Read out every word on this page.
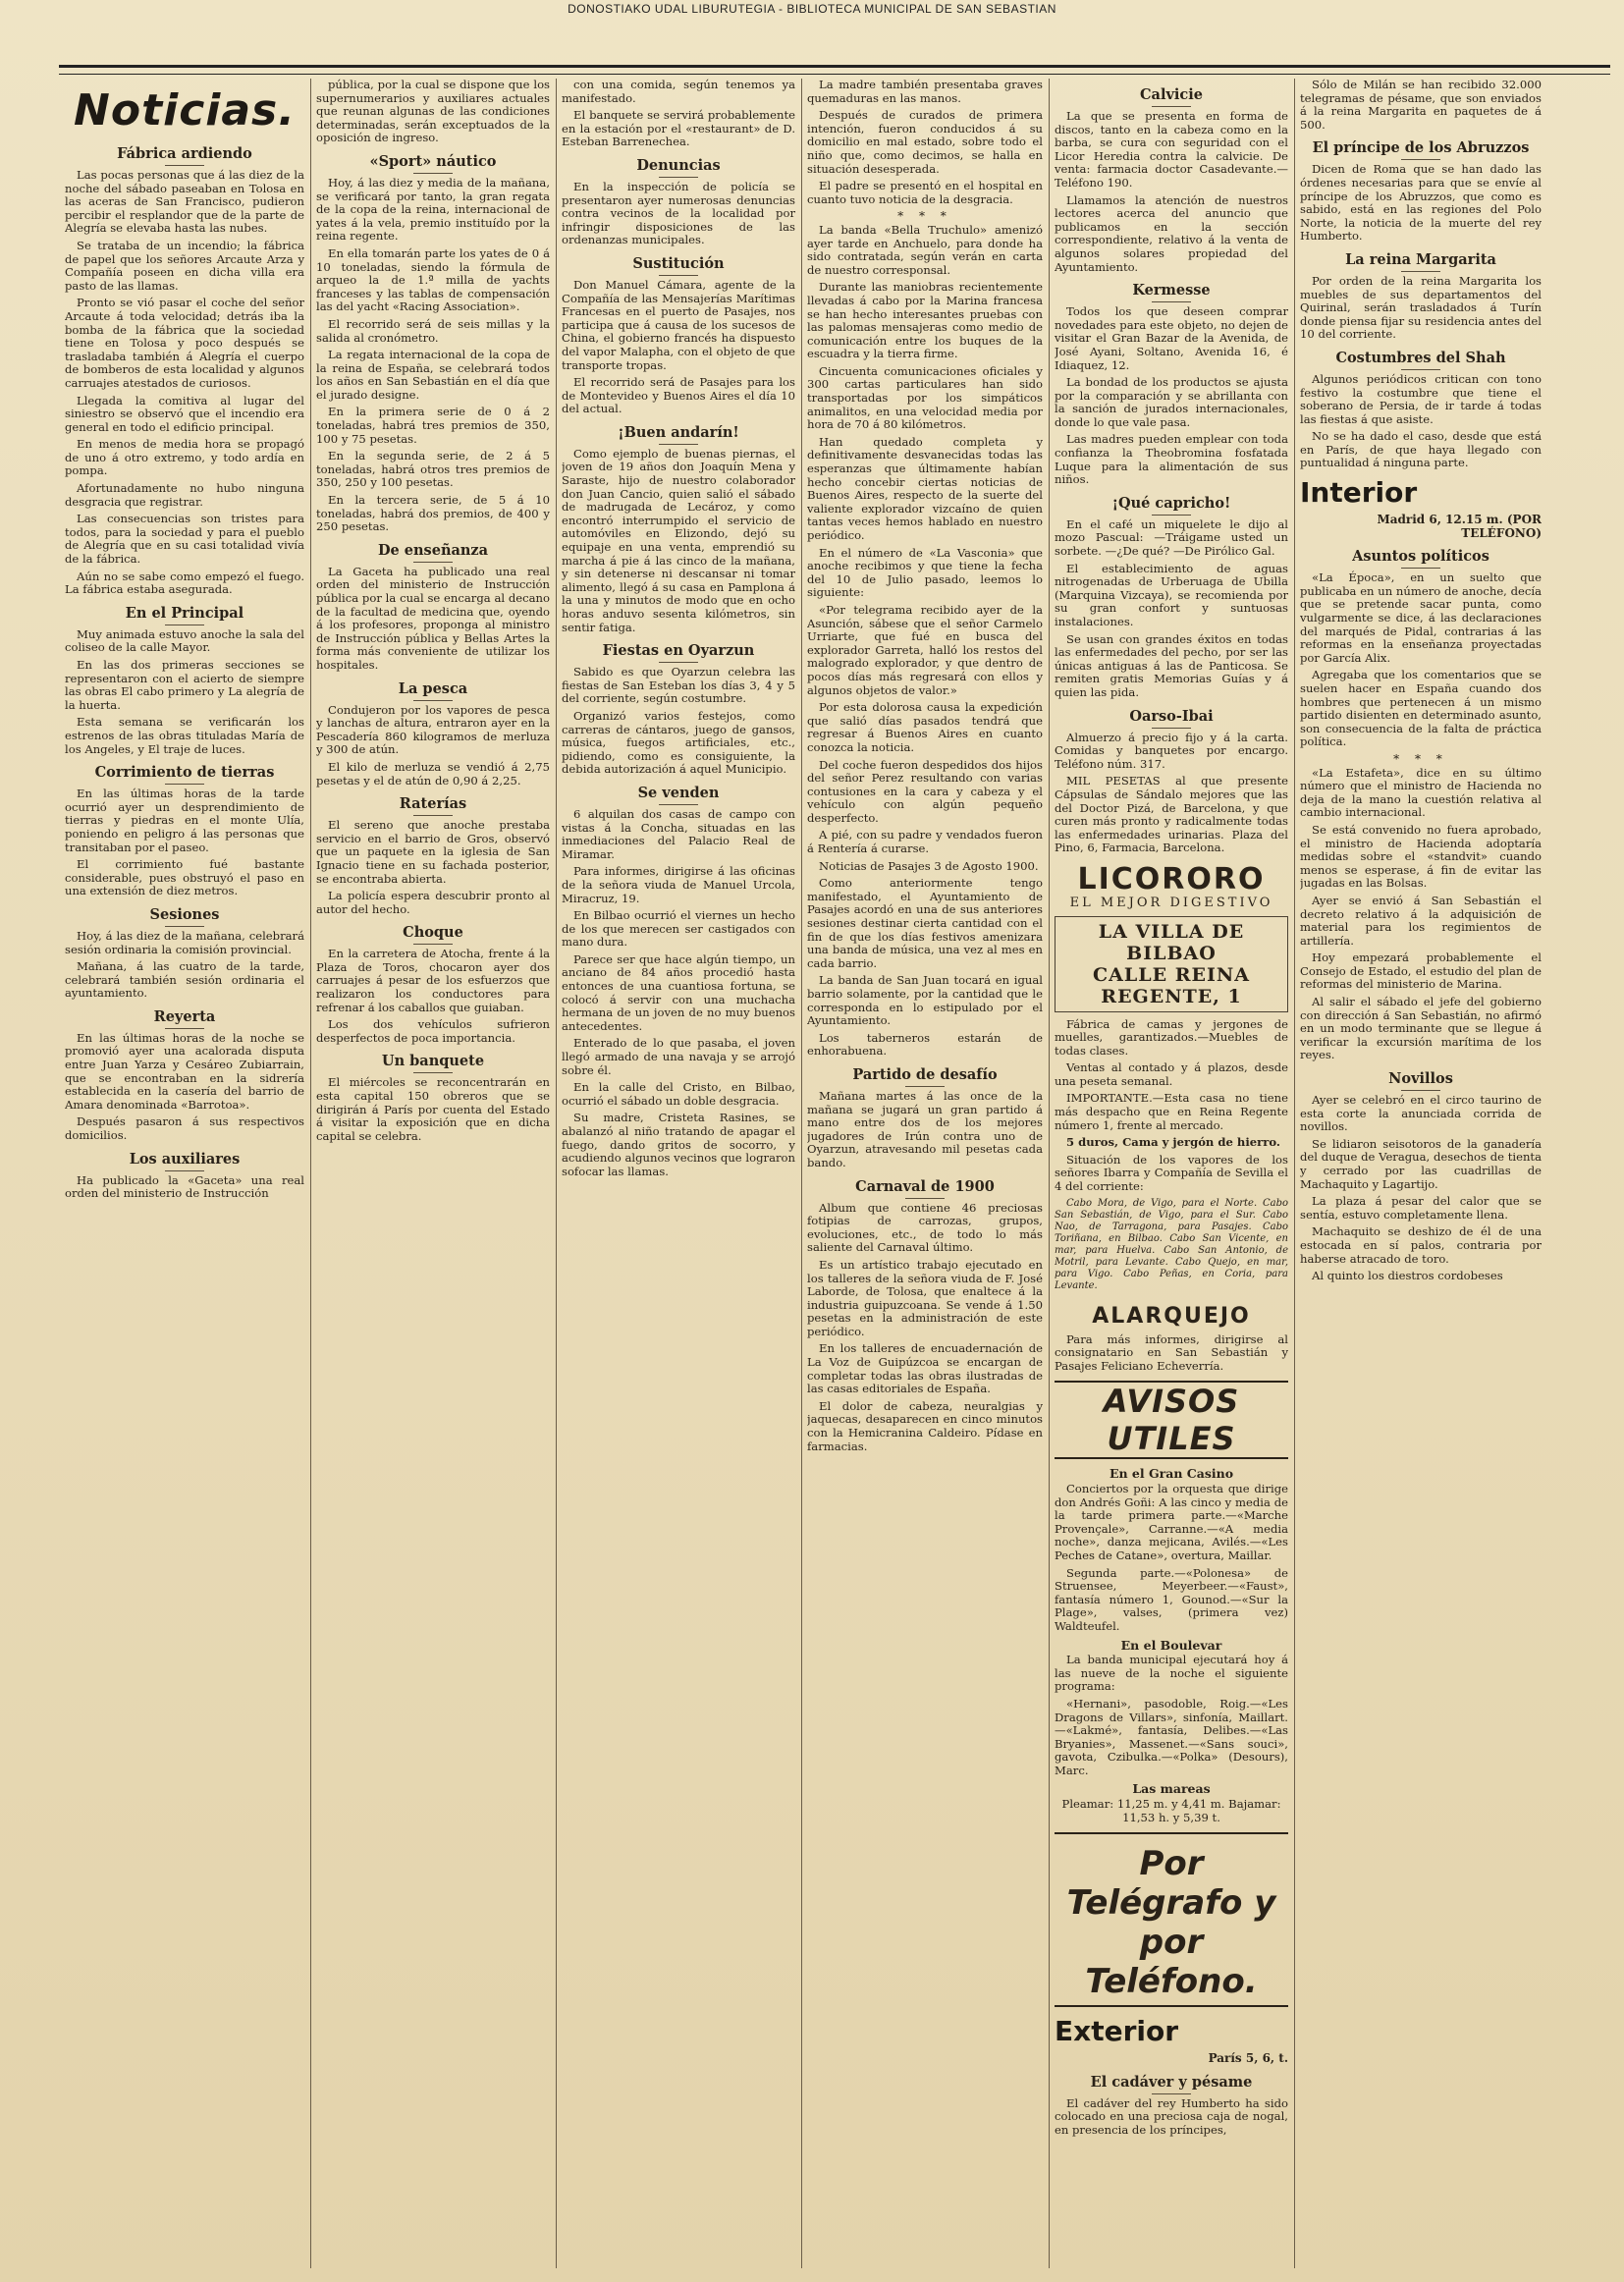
DONOSTIAKO UDAL LIBURUTEGIA - BIBLIOTECA MUNICIPAL DE SAN SEBASTIAN
Noticias.
Fábrica ardiendo

Las pocas personas que á las diez de la noche del sábado paseaban en Tolosa en las aceras de San Francisco, pudieron percibir el resplandor que de la parte de Alegría se elevaba hasta las nubes.

Se trataba de un incendio; la fábrica de papel que los señores Arcaute Arza y Compañía poseen en dicha villa era pasto de las llamas.

Pronto se vió pasar el coche del señor Arcaute á toda velocidad; detrás iba la bomba de la fábrica que la sociedad tiene en Tolosa y poco después se trasladaba también á Alegría el cuerpo de bomberos de esta localidad y algunos carruajes atestados de curiosos.

Llegada la comitiva al lugar del siniestro se observó que el incendio era general en todo el edificio principal.

En menos de media hora se propagó de uno á otro extremo, y todo ardía en pompa.

Afortunadamente no hubo ninguna desgracia que registrar.

Las consecuencias son tristes para todos, para la sociedad y para el pueblo de Alegría que en su casi totalidad vivía de la fábrica.

Aún no se sabe como empezó el fuego. La fábrica estaba asegurada.

En el Principal

Muy animada estuvo anoche la sala del coliseo de la calle Mayor.

En las dos primeras secciones se representaron con el acierto de siempre las obras El cabo primero y La alegría de la huerta.

Esta semana se verificarán los estrenos de las obras tituladas María de los Angeles, y El traje de luces.

Corrimiento de tierras

En las últimas horas de la tarde ocurrió ayer un desprendimiento de tierras y piedras en el monte Ulía, poniendo en peligro á las personas que transitaban por el paseo.

El corrimiento fué bastante considerable, pues obstruyó el paso en una extensión de diez metros.

Sesiones

Hoy, á las diez de la mañana, celebrará sesión ordinaria la comisión provincial.

Mañana, á las cuatro de la tarde, celebrará también sesión ordinaria el ayuntamiento.

Reyerta

En las últimas horas de la noche se promovió ayer una acalorada disputa entre Juan Yarza y Cesáreo Zubiarrain, que se encontraban en la sidrería establecida en la casería del barrio de Amara denominada «Barrotoa».

Después pasaron á sus respectivos domicilios.

Los auxiliares

Ha publicado la «Gaceta» una real orden del ministerio de Instrucción

pública, por la cual se dispone que los supernumerarios y auxiliares actuales que reunan algunas de las condiciones determinadas, serán exceptuados de la oposición de ingreso.

«Sport» náutico

Hoy, á las diez y media de la mañana, se verificará por tanto, la gran regata de la copa de la reina, internacional de yates á la vela, premio instituído por la reina regente.

En ella tomarán parte los yates de 0 á 10 toneladas, siendo la fórmula de arqueo la de 1.ª milla de yachts franceses y las tablas de compensación las del yacht «Racing Association».

El recorrido será de seis millas y la salida al cronómetro.

La regata internacional de la copa de la reina de España, se celebrará todos los años en San Sebastián en el día que el jurado designe.

En la primera serie de 0 á 2 toneladas, habrá tres premios de 350, 100 y 75 pesetas.

En la segunda serie, de 2 á 5 toneladas, habrá otros tres premios de 350, 250 y 100 pesetas.

En la tercera serie, de 5 á 10 toneladas, habrá dos premios, de 400 y 250 pesetas.

De enseñanza

La Gaceta ha publicado una real orden del ministerio de Instrucción pública por la cual se encarga al decano de la facultad de medicina que, oyendo á los profesores, proponga al ministro de Instrucción pública y Bellas Artes la forma más conveniente de utilizar los hospitales.

La pesca

Condujeron por los vapores de pesca y lanchas de altura, entraron ayer en la Pescadería 860 kilogramos de merluza y 300 de atún.

El kilo de merluza se vendió á 2,75 pesetas y el de atún de 0,90 á 2,25.

Raterías

El sereno que anoche prestaba servicio en el barrio de Gros, observó que un paquete en la iglesia de San Ignacio tiene en su fachada posterior, se encontraba abierta.

La policía espera descubrir pronto al autor del hecho.

Choque

En la carretera de Atocha, frente á la Plaza de Toros, chocaron ayer dos carruajes á pesar de los esfuerzos que realizaron los conductores para refrenar á los caballos que guiaban.

Los dos vehículos sufrieron desperfectos de poca importancia.

Un banquete

El miércoles se reconcentrarán en esta capital 150 obreros que se dirigirán á París por cuenta del Estado á visitar la exposición que en dicha capital se celebra.

con una comida, según tenemos ya manifestado.

El banquete se servirá probablemente en la estación por el «restaurant» de D. Esteban Barrenechea.

Denuncias

En la inspección de policía se presentaron ayer numerosas denuncias contra vecinos de la localidad por infringir disposiciones de las ordenanzas municipales.

Sustitución

Don Manuel Cámara, agente de la Compañía de las Mensajerías Marítimas Francesas en el puerto de Pasajes, nos participa que á causa de los sucesos de China, el gobierno francés ha dispuesto del vapor Malapha, con el objeto de que transporte tropas.

El recorrido será de Pasajes para los de Montevideo y Buenos Aires el día 10 del actual.

¡Buen andarín!

Como ejemplo de buenas piernas, el joven de 19 años don Joaquín Mena y Saraste, hijo de nuestro colaborador don Juan Cancio, quien salió el sábado de madrugada de Lecároz, y como encontró interrumpido el servicio de automóviles en Elizondo, dejó su equipaje en una venta, emprendió su marcha á pie á las cinco de la mañana, y sin detenerse ni descansar ni tomar alimento, llegó á su casa en Pamplona á la una y minutos de modo que en ocho horas anduvo sesenta kilómetros, sin sentir fatiga.

Fiestas en Oyarzun

Sabido es que Oyarzun celebra las fiestas de San Esteban los días 3, 4 y 5 del corriente, según costumbre.

Organizó varios festejos, como carreras de cántaros, juego de gansos, música, fuegos artificiales, etc., pidiendo, como es consiguiente, la debida autorización á aquel Municipio.

Se venden

6 alquilan dos casas de campo con vistas á la Concha, situadas en las inmediaciones del Palacio Real de Miramar.

Para informes, dirigirse á las oficinas de la señora viuda de Manuel Urcola, Miracruz, 19.

En Bilbao ocurrió el viernes un hecho de los que merecen ser castigados con mano dura.

Parece ser que hace algún tiempo, un anciano de 84 años procedió hasta entonces de una cuantiosa fortuna, se colocó á servir con una muchacha hermana de un joven de no muy buenos antecedentes.

Enterado de lo que pasaba, el joven llegó armado de una navaja y se arrojó sobre él.

En la calle del Cristo, en Bilbao, ocurrió el sábado un doble desgracia.

Su madre, Cristeta Rasines, se abalanzó al niño tratando de apagar el fuego, dando gritos de socorro, y acudiendo algunos vecinos que lograron sofocar las llamas.

La madre también presentaba graves quemaduras en las manos.

Después de curados de primera intención, fueron conducidos á su domicilio en mal estado, sobre todo el niño que, como decimos, se halla en situación desesperada.

El padre se presentó en el hospital en cuanto tuvo noticia de la desgracia.

* * *

La banda «Bella Truchulo» amenizó ayer tarde en Anchuelo, para donde ha sido contratada, según verán en carta de nuestro corresponsal.

Durante las maniobras recientemente llevadas á cabo por la Marina francesa se han hecho interesantes pruebas con las palomas mensajeras como medio de comunicación entre los buques de la escuadra y la tierra firme.

Cincuenta comunicaciones oficiales y 300 cartas particulares han sido transportadas por los simpáticos animalitos, en una velocidad media por hora de 70 á 80 kilómetros.

Han quedado completa y definitivamente desvanecidas todas las esperanzas que últimamente habían hecho concebir ciertas noticias de Buenos Aires, respecto de la suerte del valiente explorador vizcaíno de quien tantas veces hemos hablado en nuestro periódico.

En el número de «La Vasconia» que anoche recibimos y que tiene la fecha del 10 de Julio pasado, leemos lo siguiente:

«Por telegrama recibido ayer de la Asunción, sábese que el señor Carmelo Urriarte, que fué en busca del explorador Garreta, halló los restos del malogrado explorador, y que dentro de pocos días más regresará con ellos y algunos objetos de valor.»

Por esta dolorosa causa la expedición que salió días pasados tendrá que regresar á Buenos Aires en cuanto conozca la noticia.

Del coche fueron despedidos dos hijos del señor Perez resultando con varias contusiones en la cara y cabeza y el vehículo con algún pequeño desperfecto.

A pié, con su padre y vendados fueron á Rentería á curarse.

Noticias de Pasajes 3 de Agosto 1900.

Como anteriormente tengo manifestado, el Ayuntamiento de Pasajes acordó en una de sus anteriores sesiones destinar cierta cantidad con el fin de que los días festivos amenizara una banda de música, una vez al mes en cada barrio.

La banda de San Juan tocará en igual barrio solamente, por la cantidad que le corresponda en lo estipulado por el Ayuntamiento.

Los taberneros estarán de enhorabuena.

Partido de desafío

Mañana martes á las once de la mañana se jugará un gran partido á mano entre dos de los mejores jugadores de Irún contra uno de Oyarzun, atravesando mil pesetas cada bando.

Carnaval de 1900

Album que contiene 46 preciosas fotipias de carrozas, grupos, evoluciones, etc., de todo lo más saliente del Carnaval último.

Es un artístico trabajo ejecutado en los talleres de la señora viuda de F. José Laborde, de Tolosa, que enaltece á la industria guipuzcoana. Se vende á 1.50 pesetas en la administración de este periódico.

En los talleres de encuadernación de La Voz de Guipúzcoa se encargan de completar todas las obras ilustradas de las casas editoriales de España.

El dolor de cabeza, neuralgias y jaquecas, desaparecen en cinco minutos con la Hemicranina Caldeiro. Pídase en farmacias.

Calvicie

La que se presenta en forma de discos, tanto en la cabeza como en la barba, se cura con seguridad con el Licor Heredia contra la calvicie. De venta: farmacia doctor Casadevante.—Teléfono 190.

Llamamos la atención de nuestros lectores acerca del anuncio que publicamos en la sección correspondiente, relativo á la venta de algunos solares propiedad del Ayuntamiento.

Kermesse

Todos los que deseen comprar novedades para este objeto, no dejen de visitar el Gran Bazar de la Avenida, de José Ayani, Soltano, Avenida 16, é Idiaquez, 12.

La bondad de los productos se ajusta por la comparación y se abrillanta con la sanción de jurados internacionales, donde lo que vale pasa.

Las madres pueden emplear con toda confianza la Theobromina fosfatada Luque para la alimentación de sus niños.

¡Qué capricho!

En el café un miquelete le dijo al mozo Pascual: —Tráigame usted un sorbete. —¿De qué? —De Pirólico Gal.

El establecimiento de aguas nitrogenadas de Urberuaga de Ubilla (Marquina Vizcaya), se recomienda por su gran confort y suntuosas instalaciones.

Se usan con grandes éxitos en todas las enfermedades del pecho, por ser las únicas antiguas á las de Panticosa. Se remiten gratis Memorias Guías y á quien las pida.

Oarso-Ibai

Almuerzo á precio fijo y á la carta. Comidas y banquetes por encargo. Teléfono núm. 317.

MIL PESETAS al que presente Cápsulas de Sándalo mejores que las del Doctor Pizá, de Barcelona, y que curen más pronto y radicalmente todas las enfermedades urinarias. Plaza del Pino, 6, Farmacia, Barcelona.

LICORORO
EL MEJOR DIGESTIVO
LA VILLA DE BILBAO
CALLE REINA REGENTE, 1

Fábrica de camas y jergones de muelles, garantizados.—Muebles de todas clases.

Ventas al contado y á plazos, desde una peseta semanal.

IMPORTANTE.—Esta casa no tiene más despacho que en Reina Regente número 1, frente al mercado.

5 duros, Cama y jergón de hierro.

Situación de los vapores de los señores Ibarra y Compañía de Sevilla el 4 del corriente:

Cabo Mora, de Vigo, para el Norte. Cabo San Sebastián, de Vigo, para el Sur. Cabo Nao, de Tarragona, para Pasajes. Cabo Toriñana, en Bilbao. Cabo San Vicente, en mar, para Huelva. Cabo San Antonio, de Motril, para Levante. Cabo Quejo, en mar, para Vigo. Cabo Peñas, en Coria, para Levante.

ALARQUEJO

Para más informes, dirigirse al consignatario en San Sebastián y Pasajes Feliciano Echeverría.

AVISOS UTILES
En el Gran Casino

Conciertos por la orquesta que dirige don Andrés Goñi: A las cinco y media de la tarde primera parte.—«Marche Provençale», Carranne.—«A media noche», danza mejicana, Avilés.—«Les Peches de Catane», overtura, Maillar.

Segunda parte.—«Polonesa» de Struensee, Meyerbeer.—«Faust», fantasía número 1, Gounod.—«Sur la Plage», valses, (primera vez) Waldteufel.

En el Boulevar

La banda municipal ejecutará hoy á las nueve de la noche el siguiente programa:

«Hernani», pasodoble, Roig.—«Les Dragons de Villars», sinfonía, Maillart.—«Lakmé», fantasía, Delibes.—«Las Bryanies», Massenet.—«Sans souci», gavota, Czibulka.—«Polka» (Desours), Marc.

Las mareas

Pleamar: 11,25 m. y 4,41 m. Bajamar: 11,53 h. y 5,39 t.

Por Telégrafo y por Teléfono.
Exterior
París 5, 6, t.
El cadáver y pésame

El cadáver del rey Humberto ha sido colocado en una preciosa caja de nogal, en presencia de los príncipes,

Sólo de Milán se han recibido 32.000 telegramas de pésame, que son enviados á la reina Margarita en paquetes de á 500.

El príncipe de los Abruzzos

Dicen de Roma que se han dado las órdenes necesarias para que se envíe al príncipe de los Abruzzos, que como es sabido, está en las regiones del Polo Norte, la noticia de la muerte del rey Humberto.

La reina Margarita

Por orden de la reina Margarita los muebles de sus departamentos del Quirinal, serán trasladados á Turín donde piensa fijar su residencia antes del 10 del corriente.

Costumbres del Shah

Algunos periódicos critican con tono festivo la costumbre que tiene el soberano de Persia, de ir tarde á todas las fiestas á que asiste.

No se ha dado el caso, desde que está en París, de que haya llegado con puntualidad á ninguna parte.

Interior
Madrid 6, 12.15 m. (POR TELÉFONO)
Asuntos políticos

«La Época», en un suelto que publicaba en un número de anoche, decía que se pretende sacar punta, como vulgarmente se dice, á las declaraciones del marqués de Pidal, contrarias á las reformas en la enseñanza proyectadas por García Alix.

Agregaba que los comentarios que se suelen hacer en España cuando dos hombres que pertenecen á un mismo partido disienten en determinado asunto, son consecuencia de la falta de práctica política.

* * *

«La Estafeta», dice en su último número que el ministro de Hacienda no deja de la mano la cuestión relativa al cambio internacional.

Se está convenido no fuera aprobado, el ministro de Hacienda adoptaría medidas sobre el «standvit» cuando menos se esperase, á fin de evitar las jugadas en las Bolsas.

Ayer se envió á San Sebastián el decreto relativo á la adquisición de material para los regimientos de artillería.

Hoy empezará probablemente el Consejo de Estado, el estudio del plan de reformas del ministerio de Marina.

Al salir el sábado el jefe del gobierno con dirección á San Sebastián, no afirmó en un modo terminante que se llegue á verificar la excursión marítima de los reyes.

Novillos

Ayer se celebró en el circo taurino de esta corte la anunciada corrida de novillos.

Se lidiaron seisotoros de la ganadería del duque de Veragua, desechos de tienta y cerrado por las cuadrillas de Machaquito y Lagartijo.

La plaza á pesar del calor que se sentía, estuvo completamente llena.

Machaquito se deshizo de él de una estocada en sí palos, contraria por haberse atracado de toro.

Al quinto los diestros cordobeses
